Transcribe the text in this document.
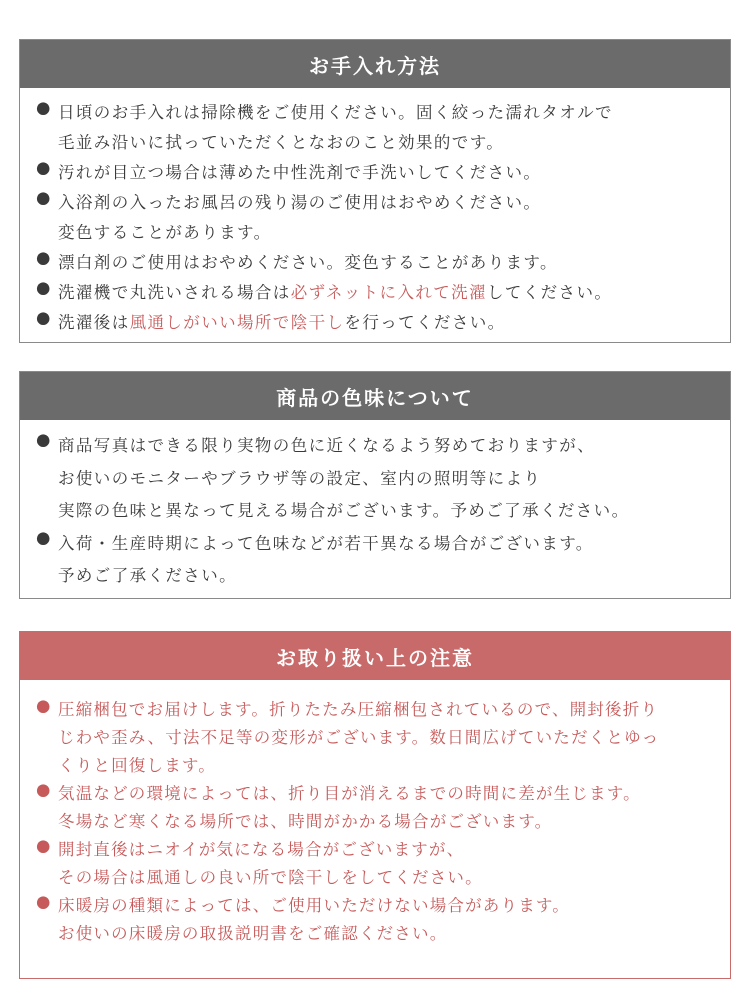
お手入れ方法
● 日頃のお手入れは掃除機をご使用ください。固く絞った濡れタオルで
毛並み沿いに拭っていただくとなおのこと効果的です。
● 汚れが目立つ場合は薄めた中性洗剤で手洗いしてください。
● 入浴剤の入ったお風呂の残り湯のご使用はおやめください。
変色することがあります。
● 漂白剤のご使用はおやめください。変色することがあります。
● 洗濯機で丸洗いされる場合は必ずネットに入れて洗濯してください。
● 洗濯後は風通しがいい場所で陰干しを行ってください。
商品の色味について
● 商品写真はできる限り実物の色に近くなるよう努めておりますが、
お使いのモニターやブラウザ等の設定、室内の照明等により
実際の色味と異なって見える場合がございます。予めご了承ください。
● 入荷・生産時期によって色味などが若干異なる場合がございます。
予めご了承ください。
お取り扱い上の注意
● 圧縮梱包でお届けします。折りたたみ圧縮梱包されているので、開封後折り
じわや歪み、寸法不足等の変形がございます。数日間広げていただくとゆっ
くりと回復します。
● 気温などの環境によっては、折り目が消えるまでの時間に差が生じます。
冬場など寒くなる場所では、時間がかかる場合がございます。
● 開封直後はニオイが気になる場合がございますが、
その場合は風通しの良い所で陰干しをしてください。
● 床暖房の種類によっては、ご使用いただけない場合があります。
お使いの床暖房の取扱説明書をご確認ください。
